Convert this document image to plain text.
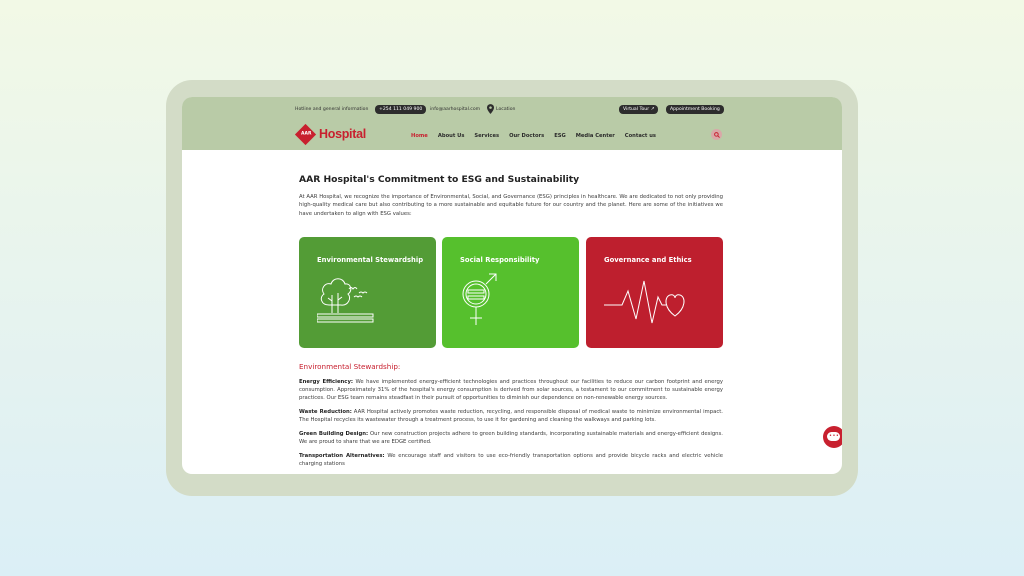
Hotline and general information	+254 111 049 900	info@aarhospital.com	Location	Virtual Tour ↗	Appointment Booking
AAR Hospital	Home About Us Services Our Doctors ESG Media Center Contact us
AAR Hospital's Commitment to ESG and Sustainability

At AAR Hospital, we recognize the importance of Environmental, Social, and Governance (ESG) principles in healthcare. We are dedicated to not only providing high-quality medical care but also contributing to a more sustainable and equitable future for our country and the planet. Here are some of the initiatives we have undertaken to align with ESG values:

Environmental Stewardship	Social Responsibility	Governance and Ethics
Environmental Stewardship:

Energy Efficiency: We have implemented energy-efficient technologies and practices throughout our facilities to reduce our carbon footprint and energy consumption. Approximately 31% of the hospital's energy consumption is derived from solar sources, a testament to our commitment to sustainable energy practices. Our ESG team remains steadfast in their pursuit of opportunities to diminish our dependence on non-renewable energy sources.

Waste Reduction: AAR Hospital actively promotes waste reduction, recycling, and responsible disposal of medical waste to minimize environmental impact. The Hospital recycles its wastewater through a treatment process, to use it for gardening and cleaning the walkways and parking lots.

Green Building Design: Our new construction projects adhere to green building standards, incorporating sustainable materials and energy-efficient designs. We are proud to share that we are EDGE certified.

Transportation Alternatives: We encourage staff and visitors to use eco-friendly transportation options and provide bicycle racks and electric vehicle charging stations

•••
